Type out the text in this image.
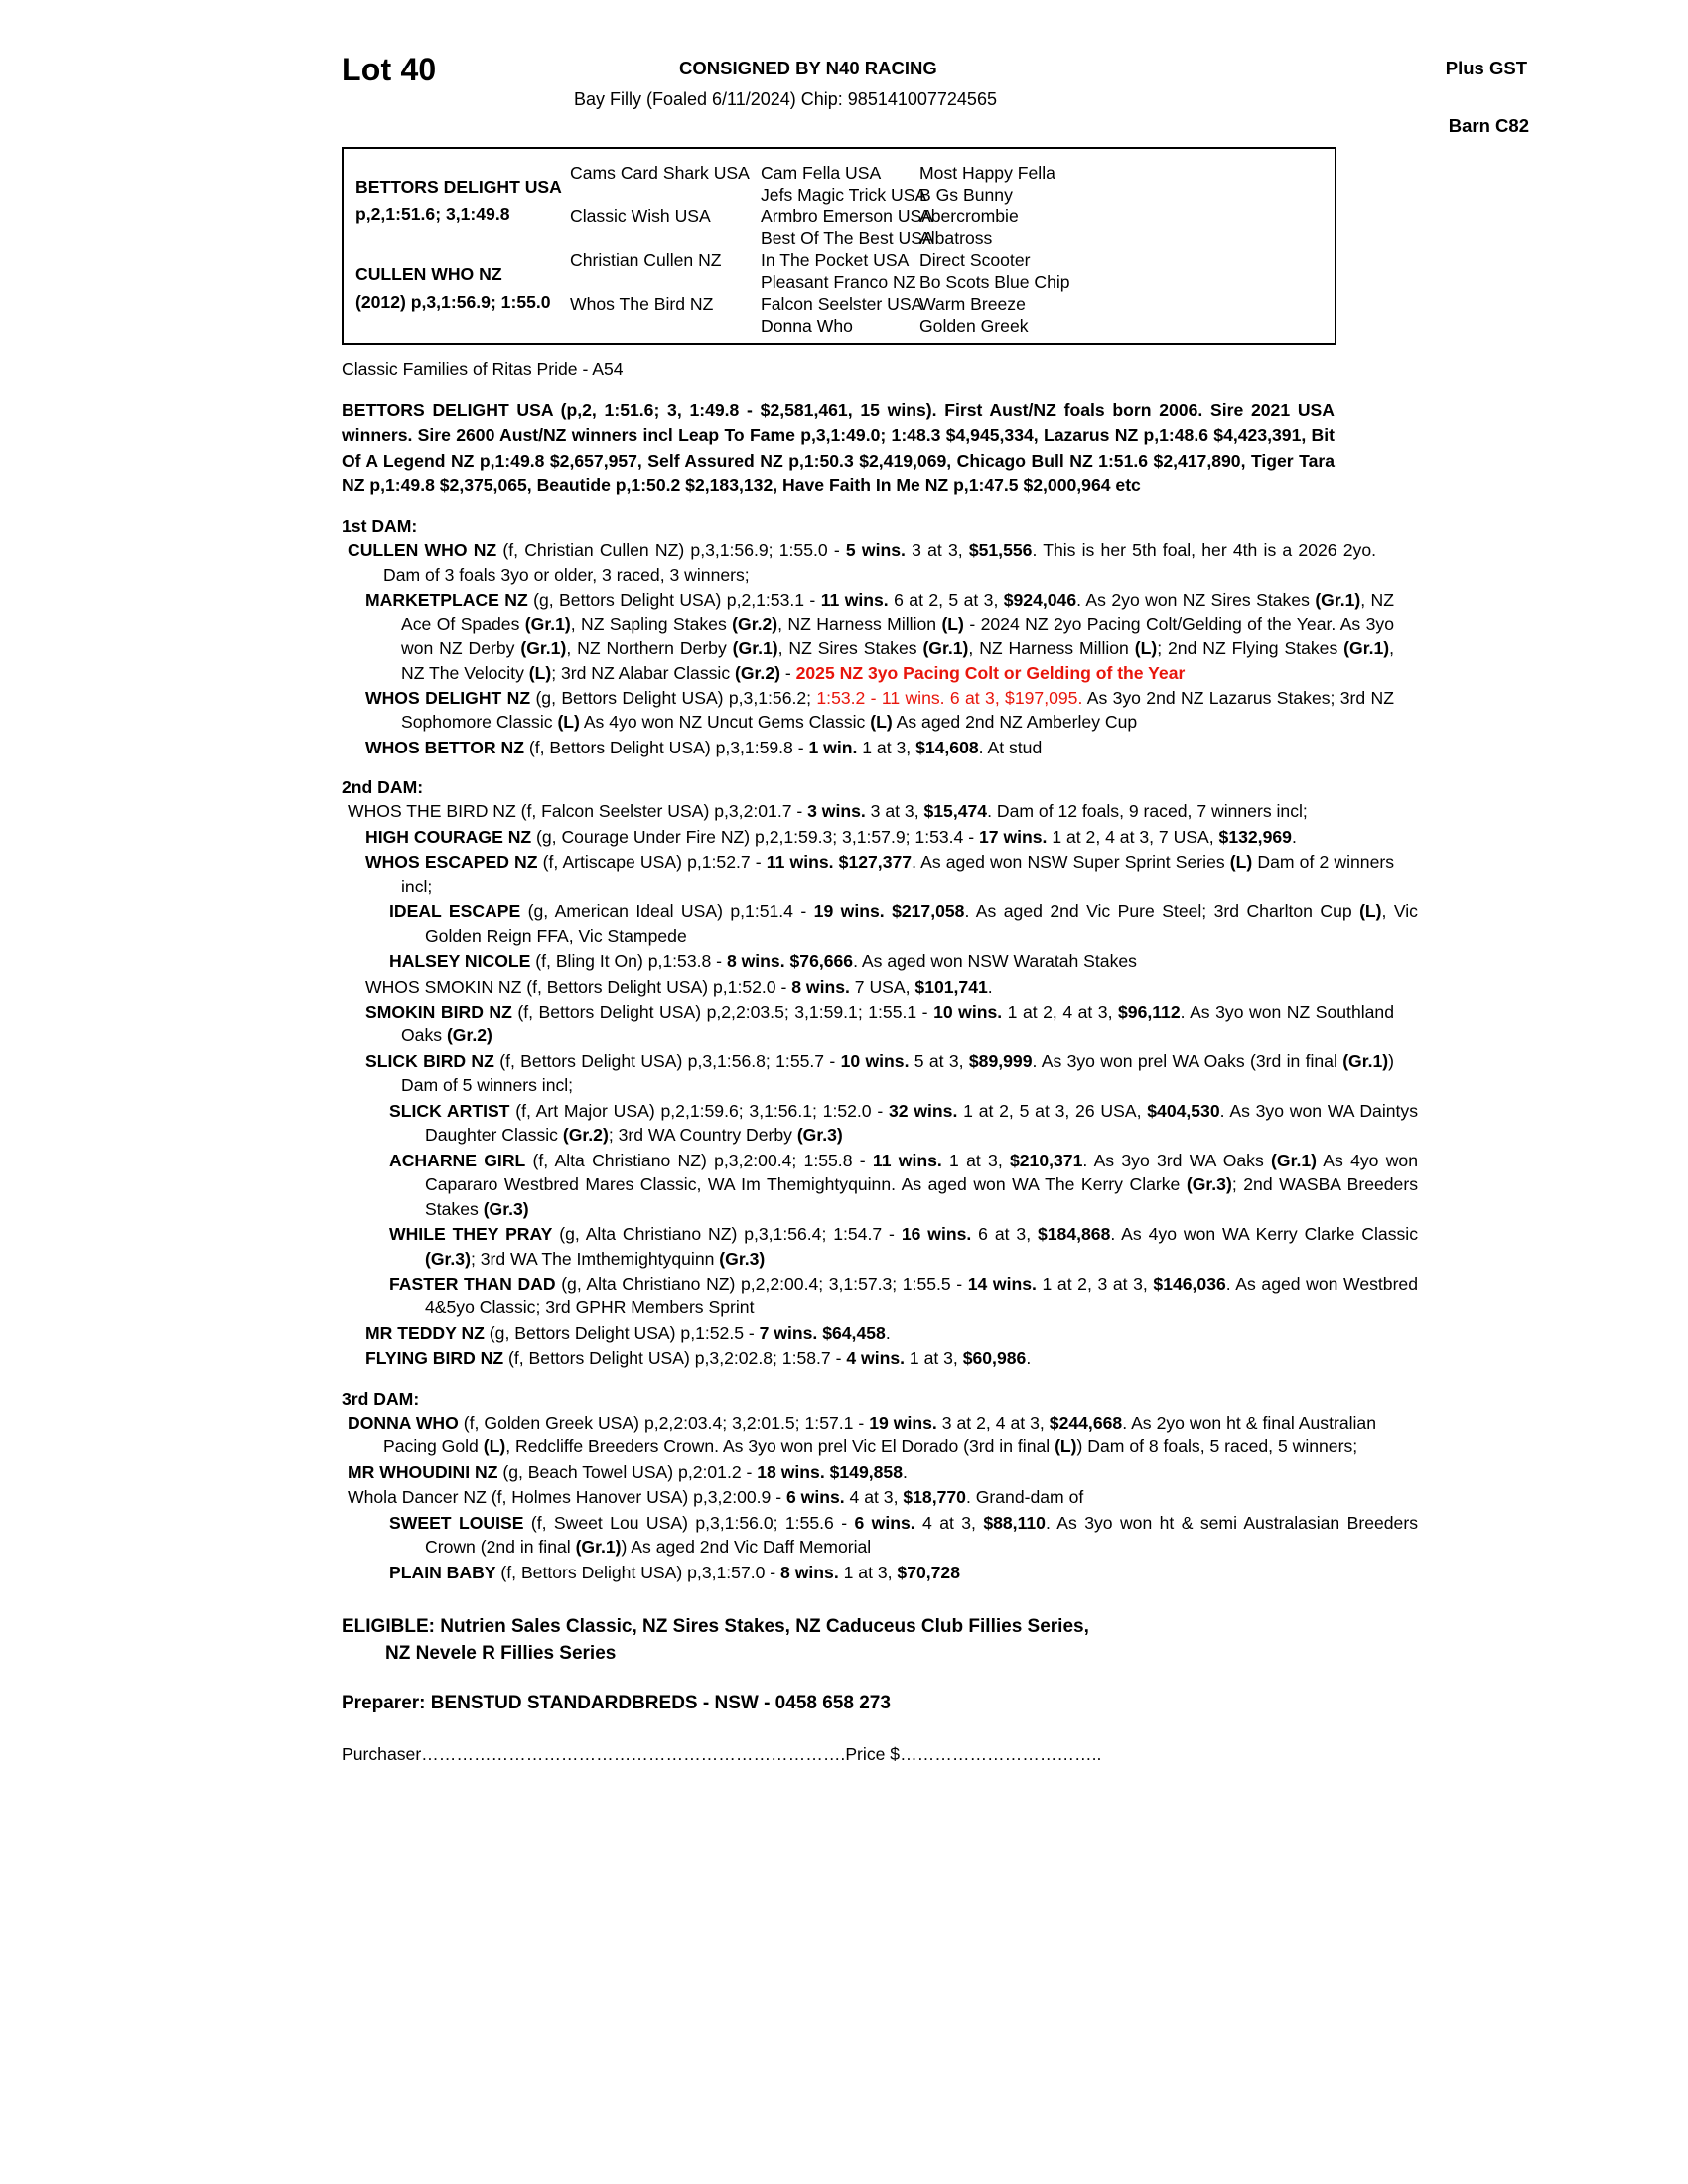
Lot 40	CONSIGNED BY N40 RACING	Plus GST
Bay Filly (Foaled 6/11/2024) Chip: 985141007724565
Barn C82
BETTORS DELIGHT USA
p,2,1:51.6; 3,1:49.8
CULLEN WHO NZ
(2012) p,3,1:56.9; 1:55.0
Cams Card Shark USA
Classic Wish USA
Christian Cullen NZ
Whos The Bird NZ
Cam Fella USA
Jefs Magic Trick USA
Armbro Emerson USA
Best Of The Best USA
In The Pocket USA
Pleasant Franco NZ
Falcon Seelster USA
Donna Who
Most Happy Fella
B Gs Bunny
Abercrombie
Albatross
Direct Scooter
Bo Scots Blue Chip
Warm Breeze
Golden Greek
Classic Families of Ritas Pride - A54
BETTORS DELIGHT USA (p,2, 1:51.6; 3, 1:49.8 - $2,581,461, 15 wins). First Aust/NZ foals born 2006. Sire 2021 USA winners. Sire 2600 Aust/NZ winners incl Leap To Fame p,3,1:49.0; 1:48.3 $4,945,334, Lazarus NZ p,1:48.6 $4,423,391, Bit Of A Legend NZ p,1:49.8 $2,657,957, Self Assured NZ p,1:50.3 $2,419,069, Chicago Bull NZ 1:51.6 $2,417,890, Tiger Tara NZ p,1:49.8 $2,375,065, Beautide p,1:50.2 $2,183,132, Have Faith In Me NZ p,1:47.5 $2,000,964 etc
1st DAM:
CULLEN WHO NZ (f, Christian Cullen NZ) p,3,1:56.9; 1:55.0 - 5 wins. 3 at 3, $51,556. This is her 5th foal, her 4th is a 2026 2yo. Dam of 3 foals 3yo or older, 3 raced, 3 winners;
MARKETPLACE NZ (g, Bettors Delight USA) p,2,1:53.1 - 11 wins. 6 at 2, 5 at 3, $924,046. As 2yo won NZ Sires Stakes (Gr.1), NZ Ace Of Spades (Gr.1), NZ Sapling Stakes (Gr.2), NZ Harness Million (L) - 2024 NZ 2yo Pacing Colt/Gelding of the Year. As 3yo won NZ Derby (Gr.1), NZ Northern Derby (Gr.1), NZ Sires Stakes (Gr.1), NZ Harness Million (L); 2nd NZ Flying Stakes (Gr.1), NZ The Velocity (L); 3rd NZ Alabar Classic (Gr.2) - 2025 NZ 3yo Pacing Colt or Gelding of the Year
WHOS DELIGHT NZ (g, Bettors Delight USA) p,3,1:56.2; 1:53.2 - 11 wins. 6 at 3, $197,095. As 3yo 2nd NZ Lazarus Stakes; 3rd NZ Sophomore Classic (L) As 4yo won NZ Uncut Gems Classic (L) As aged 2nd NZ Amberley Cup
WHOS BETTOR NZ (f, Bettors Delight USA) p,3,1:59.8 - 1 win. 1 at 3, $14,608. At stud
2nd DAM:
WHOS THE BIRD NZ (f, Falcon Seelster USA) p,3,2:01.7 - 3 wins. 3 at 3, $15,474. Dam of 12 foals, 9 raced, 7 winners incl;
HIGH COURAGE NZ (g, Courage Under Fire NZ) p,2,1:59.3; 3,1:57.9; 1:53.4 - 17 wins. 1 at 2, 4 at 3, 7 USA, $132,969.
WHOS ESCAPED NZ (f, Artiscape USA) p,1:52.7 - 11 wins. $127,377. As aged won NSW Super Sprint Series (L) Dam of 2 winners incl;
IDEAL ESCAPE (g, American Ideal USA) p,1:51.4 - 19 wins. $217,058. As aged 2nd Vic Pure Steel; 3rd Charlton Cup (L), Vic Golden Reign FFA, Vic Stampede
HALSEY NICOLE (f, Bling It On) p,1:53.8 - 8 wins. $76,666. As aged won NSW Waratah Stakes
WHOS SMOKIN NZ (f, Bettors Delight USA) p,1:52.0 - 8 wins. 7 USA, $101,741.
SMOKIN BIRD NZ (f, Bettors Delight USA) p,2,2:03.5; 3,1:59.1; 1:55.1 - 10 wins. 1 at 2, 4 at 3, $96,112. As 3yo won NZ Southland Oaks (Gr.2)
SLICK BIRD NZ (f, Bettors Delight USA) p,3,1:56.8; 1:55.7 - 10 wins. 5 at 3, $89,999. As 3yo won prel WA Oaks (3rd in final (Gr.1)) Dam of 5 winners incl;
SLICK ARTIST (f, Art Major USA) p,2,1:59.6; 3,1:56.1; 1:52.0 - 32 wins. 1 at 2, 5 at 3, 26 USA, $404,530. As 3yo won WA Daintys Daughter Classic (Gr.2); 3rd WA Country Derby (Gr.3)
ACHARNE GIRL (f, Alta Christiano NZ) p,3,2:00.4; 1:55.8 - 11 wins. 1 at 3, $210,371. As 3yo 3rd WA Oaks (Gr.1) As 4yo won Capararo Westbred Mares Classic, WA Im Themightyquinn. As aged won WA The Kerry Clarke (Gr.3); 2nd WASBA Breeders Stakes (Gr.3)
WHILE THEY PRAY (g, Alta Christiano NZ) p,3,1:56.4; 1:54.7 - 16 wins. 6 at 3, $184,868. As 4yo won WA Kerry Clarke Classic (Gr.3); 3rd WA The Imthemightyquinn (Gr.3)
FASTER THAN DAD (g, Alta Christiano NZ) p,2,2:00.4; 3,1:57.3; 1:55.5 - 14 wins. 1 at 2, 3 at 3, $146,036. As aged won Westbred 4&5yo Classic; 3rd GPHR Members Sprint
MR TEDDY NZ (g, Bettors Delight USA) p,1:52.5 - 7 wins. $64,458.
FLYING BIRD NZ (f, Bettors Delight USA) p,3,2:02.8; 1:58.7 - 4 wins. 1 at 3, $60,986.
3rd DAM:
DONNA WHO (f, Golden Greek USA) p,2,2:03.4; 3,2:01.5; 1:57.1 - 19 wins. 3 at 2, 4 at 3, $244,668. As 2yo won ht & final Australian Pacing Gold (L), Redcliffe Breeders Crown. As 3yo won prel Vic El Dorado (3rd in final (L)) Dam of 8 foals, 5 raced, 5 winners;
MR WHOUDINI NZ (g, Beach Towel USA) p,2:01.2 - 18 wins. $149,858.
Whola Dancer NZ (f, Holmes Hanover USA) p,3,2:00.9 - 6 wins. 4 at 3, $18,770. Grand-dam of
SWEET LOUISE (f, Sweet Lou USA) p,3,1:56.0; 1:55.6 - 6 wins. 4 at 3, $88,110. As 3yo won ht & semi Australasian Breeders Crown (2nd in final (Gr.1)) As aged 2nd Vic Daff Memorial
PLAIN BABY (f, Bettors Delight USA) p,3,1:57.0 - 8 wins. 1 at 3, $70,728
ELIGIBLE: Nutrien Sales Classic, NZ Sires Stakes, NZ Caduceus Club Fillies Series,
NZ Nevele R Fillies Series
Preparer: BENSTUD STANDARDBREDS - NSW - 0458 658 273
Purchaser……………………………………………………………….Price $……………………………..
